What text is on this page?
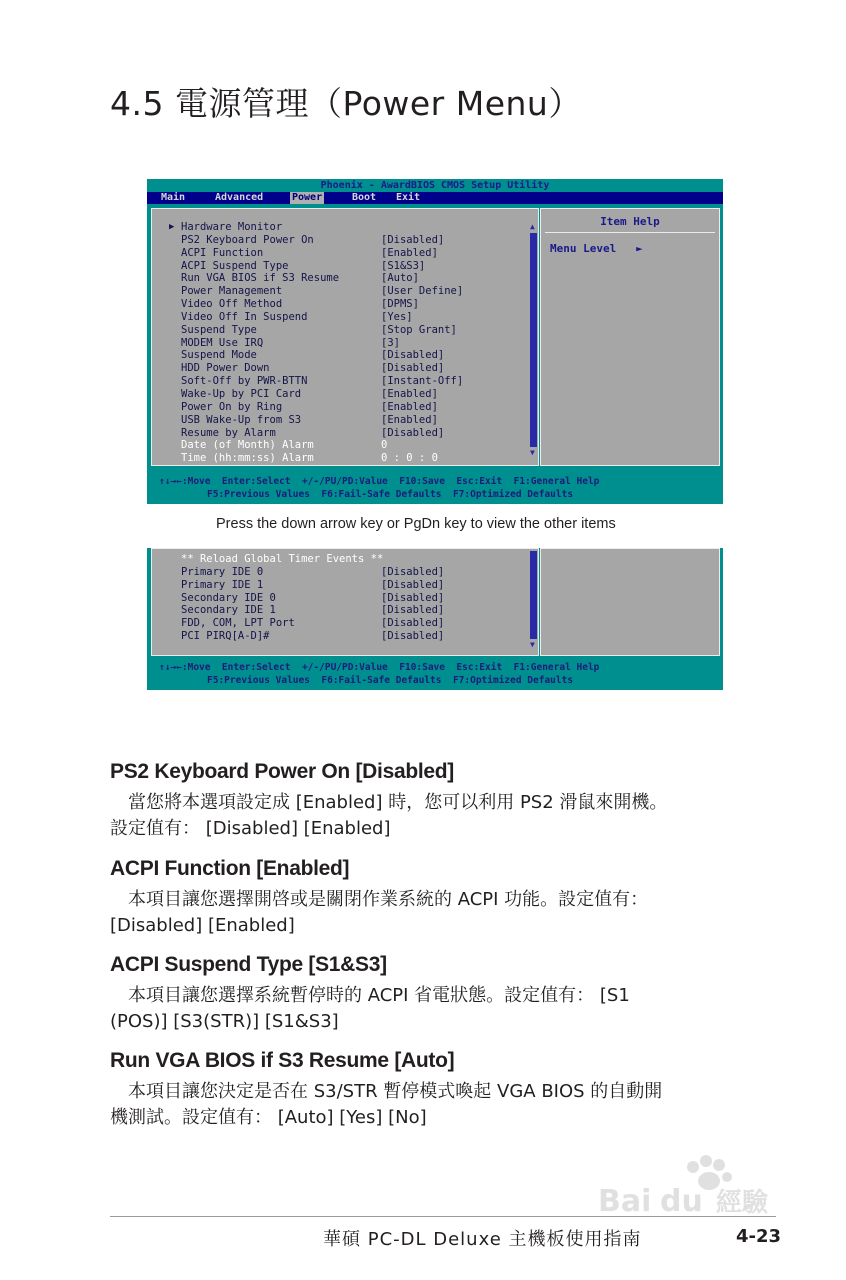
4.5 電源管理（Power Menu）
Phoenix - AwardBIOS CMOS Setup Utility
Main	Advanced	Power	Boot Exit
▶ Hardware Monitor
PS2 Keyboard Power On	[Disabled]
ACPI Function	[Enabled]
ACPI Suspend Type	[S1&S3]
Run VGA BIOS if S3 Resume	[Auto]
Power Management	[User Define]
Video Off Method	[DPMS]
Video Off In Suspend	[Yes]
Suspend Type	[Stop Grant]
MODEM Use IRQ	[3]
Suspend Mode	[Disabled]
HDD Power Down	[Disabled]
Soft-Off by PWR-BTTN	[Instant-Off]
Wake-Up by PCI Card	[Enabled]
Power On by Ring	[Enabled]
USB Wake-Up from S3	[Enabled]
Resume by Alarm	[Disabled]
Date (of Month) Alarm	0
Time (hh:mm:ss) Alarm	0 : 0 : 0
▲
▼
Item Help
Menu Level   ►
↑↓→←:Move  Enter:Select  +/-/PU/PD:Value  F10:Save  Esc:Exit  F1:General Help
F5:Previous Values  F6:Fail-Safe Defaults  F7:Optimized Defaults
Press the down arrow key or PgDn key to view the other items
** Reload Global Timer Events **
Primary IDE 0	[Disabled]
Primary IDE 1	[Disabled]
Secondary IDE 0	[Disabled]
Secondary IDE 1	[Disabled]
FDD, COM, LPT Port	[Disabled]
PCI PIRQ[A-D]#	[Disabled]
▼
↑↓→←:Move  Enter:Select  +/-/PU/PD:Value  F10:Save  Esc:Exit  F1:General Help
F5:Previous Values  F6:Fail-Safe Defaults  F7:Optimized Defaults
PS2 Keyboard Power On [Disabled]
　當您將本選項設定成 [Enabled] 時，您可以利用 PS2 滑鼠來開機。
設定值有： [Disabled] [Enabled]
ACPI Function [Enabled]
　本項目讓您選擇開啓或是關閉作業系統的 ACPI 功能。設定值有：
[Disabled] [Enabled]
ACPI Suspend Type [S1&S3]
　本項目讓您選擇系統暫停時的 ACPI 省電狀態。設定值有： [S1
(POS)] [S3(STR)] [S1&S3]
Run VGA BIOS if S3 Resume [Auto]
　本項目讓您決定是否在 S3/STR 暫停模式喚起 VGA BIOS 的自動開
機測試。設定值有： [Auto] [Yes] [No]
Bai du 經驗
華碩 PC-DL Deluxe 主機板使用指南	4-23
